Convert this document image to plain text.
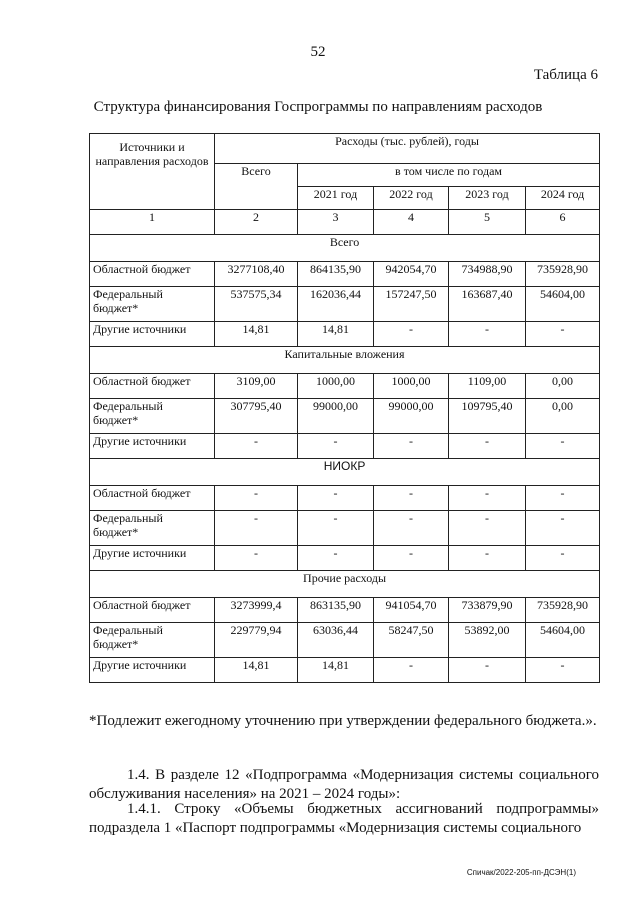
52
Таблица 6
Структура финансирования Госпрограммы по направлениям расходов
Источники и направления расходов	Расходы (тыс. рублей), годы				
	Всего	в том числе по годам			
		2021 год	2022 год	2023 год	2024 год
1	2	3	4	5	6
Всего					
Областной бюджет	3277108,40	864135,90	942054,70	734988,90	735928,90
Федеральный бюджет*	537575,34	162036,44	157247,50	163687,40	54604,00
Другие источники	14,81	14,81	-	-	-
Капитальные вложения					
Областной бюджет	3109,00	1000,00	1000,00	1109,00	0,00
Федеральный бюджет*	307795,40	99000,00	99000,00	109795,40	0,00
Другие источники	-	-	-	-	-
НИОКР					
Областной бюджет	-	-	-	-	-
Федеральный бюджет*	-	-	-	-	-
Другие источники	-	-	-	-	-
Прочие расходы					
Областной бюджет	3273999,4	863135,90	941054,70	733879,90	735928,90
Федеральный бюджет*	229779,94	63036,44	58247,50	53892,00	54604,00
Другие источники	14,81	14,81	-	-	-
*Подлежит ежегодному уточнению при утверждении федерального бюджета.».
1.4. В разделе 12 «Подпрограмма «Модернизация системы социального обслуживания населения» на 2021 – 2024 годы»:
1.4.1. Строку «Объемы бюджетных ассигнований подпрограммы» подраздела 1 «Паспорт подпрограммы «Модернизация системы социального
Спичак/2022-205-пп-ДСЭН(1)
